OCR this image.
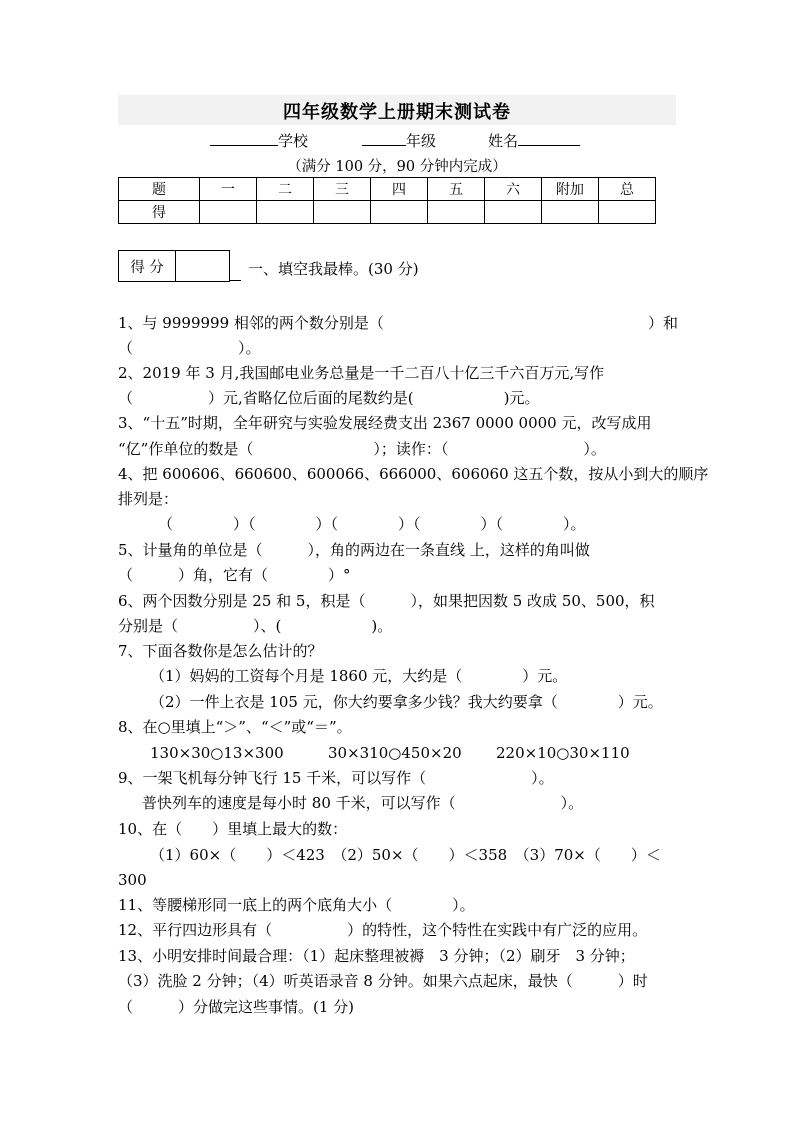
四年级数学上册期末测试卷
学校	年级	姓名
（满分 100 分，90 分钟内完成）
题	一	二	三	四	五	六	附加	总
得								
得 分	一、填空我最棒。(30 分)
1、与 9999999 相邻的两个数分别是（	）和
（　　　　　　　）。
2、2019 年 3 月,我国邮电业务总量是一千二百八十亿三千六百万元,写作
（　　　　　）元,省略亿位后面的尾数约是(　　　　　　)元。
3、“十五”时期，全年研究与实验发展经费支出 2367 0000 0000 元，改写成用
“亿”作单位的数是（　　　　　　　　）；读作：（　　　　　　　　　）。
4、把 600606、660600、600066、666000、606060 这五个数，按从小到大的顺序
排列是：
（　　　　）（　　　　）（　　　　）（　　　　）（　　　　）。
5、计量角的单位是（　　　），角的两边在一条直线 上，这样的角叫做
（　　　）角，它有（　　　　）°
6、两个因数分别是 25 和 5，积是（　　　），如果把因数 5 改成 50、500，积
分别是（　　　　　）、(　　　　　　)。
7、下面各数你是怎么估计的？
（1）妈妈的工资每个月是 1860 元，大约是（　　　　）元。
（2）一件上衣是 105 元，你大约要拿多少钱？我大约要拿（　　　　）元。
8、在○里填上“＞”、“＜”或“＝”。
130×30○13×300	30×310○450×20 220×10○30×110
9、一架飞机每分钟飞行 15 千米，可以写作（　　　　　　　）。
普快列车的速度是每小时 80 千米，可以写作（　　　　　　　）。
10、在（　　）里填上最大的数：
（1）60×（　　）＜423　（2）50×（　　）＜358　（3）70×（　　）＜
300
11、等腰梯形同一底上的两个底角大小（　　　　）。
12、平行四边形具有（　　　　　）的特性，这个特性在实践中有广泛的应用。
13、小明安排时间最合理：（1）起床整理被褥　3 分钟；（2）刷牙　3 分钟；
（3）洗脸 2 分钟；（4）听英语录音 8 分钟。如果六点起床，最快（　　　）时
（　　　）分做完这些事情。(1 分)
